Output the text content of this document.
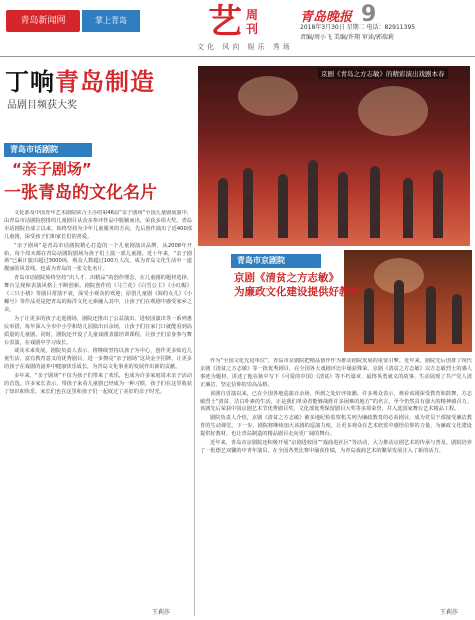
青岛新闻网	掌上青岛	艺 周刊
文化 风向 娱乐 秀场
青岛晚报 9
2018年3月30日 星期二 电话：82911395
责编/周小飞 美编/许翔 审读/郭瑞莉
丁响青岛制造
品剧目频获大奖
京剧《青岛之方志敏》的精彩演出戏剧本春
青岛市话剧院
“亲子剧场”
一张青岛的文化名片

文化部及中国青年艺术剧院联合主办的第46届“亲子剧场”全国儿童剧展演中，由青岛市话剧院创排的儿童剧目从众多参评作品中脱颖而出，荣获多项大奖。青岛市话剧院自成立以来，始终坚持为少年儿童服务的方向，先后创作演出了近400部儿童剧，深受孩子们和家长们的喜爱。

“亲子剧场”是青岛市话剧院精心打造的一个儿童剧演出品牌，从2008年开始，每个周末都在青岛话剧院剧场为孩子们上演一部儿童剧。近十年来，“亲子剧场”已累计演出超过3000场，观众人数超过100万人次，成为青岛文化生活中一道靓丽的风景线，也成为青岛的一张文化名片。

青岛市话剧院始终坚持“出人才、出精品”的创作理念，在儿童剧的题材选择、舞台呈现和表演风格上不断创新。剧院创作的《马兰花》《白雪公主》《小红帽》《三只小猪》等剧目常演不衰，深受小观众的欢迎；原创儿童剧《海的女儿》《小螺号》等作品更是把青岛的海洋文化元素融入其中，让孩子们在观剧中感受家乡之美。

为了让更多的孩子走进剧场，剧院还推出了公益演出、进校园演出等一系列惠民举措，每年深入全市中小学和幼儿园演出百余场，让孩子们在家门口就能看到高质量的儿童剧。同时，剧院还开设了儿童戏剧表演培训课程，让孩子们亲身参与舞台表演，在戏剧中学习成长。

谈及未来发展，剧院负责人表示，将继续坚持以孩子为中心，创作更多贴近儿童生活、富有教育意义的优秀剧目，进一步擦亮“亲子剧场”这块金字招牌，让更多的孩子在戏剧的滋养中健康快乐成长，为青岛文化事业的发展作出新的贡献。

多年来，“亲子剧场”不仅为孩子们带来了欢乐，也成为许多家庭周末亲子活动的首选。许多家长表示，带孩子来看儿童剧已经成为一种习惯，孩子们在这里收获了知识和快乐，家长们也在这里和孩子们一起度过了美好的亲子时光。

王莉莎
青岛市京剧院
京剧《清贫之方志敏》
为廉政文化建设提供好教材

作为“全国文化先进单位”，青岛市京剧院把精品创作作为推动剧院发展的重要引擎。近年来，剧院先后创排了现代京剧《清贫之方志敏》等一批优秀剧目，在全国各大戏剧评比中屡获殊荣。京剧《清贫之方志敏》以方志敏烈士的感人事迹为题材，讲述了他在狱中写下《可爱的中国》《清贫》等不朽篇章、最终英勇就义的故事，生动展现了共产党人清正廉洁、坚定信仰的崇高品格。

该剧自首演以来，已在全国各地巡演百余场，所到之处好评如潮。许多观众表示，观看该剧深受教育和鼓舞，方志敏烈士“清贫、洁白朴素的生活，正是我们革命者能够战胜许多困难的地方”的名言，至今仍然具有强大的精神感召力。该剧先后荣获中国京剧艺术节优秀剧目奖、文化部优秀保留剧目大奖等多项荣誉，并入选国家舞台艺术精品工程。

剧院负责人介绍，京剧《清贫之方志敏》被多地纪检监察机关列为廉政教育的必看剧目，成为党员干部接受廉洁教育的生动课堂。下一步，剧院将继续加大该剧的巡演力度，让更多观众在艺术欣赏中感悟信仰的力量，为廉政文化建设提供好教材，也让青岛制造的精品剧目走向更广阔的舞台。

近年来，青岛市京剧院还积极开展“京剧进校园”“戏曲进社区”等活动，大力推动京剧艺术的传承与普及。剧院培养了一批德艺双馨的中青年演员，在全国各类比赛中屡获佳绩，为青岛戏曲艺术的繁荣发展注入了新的活力。

王莉莎
